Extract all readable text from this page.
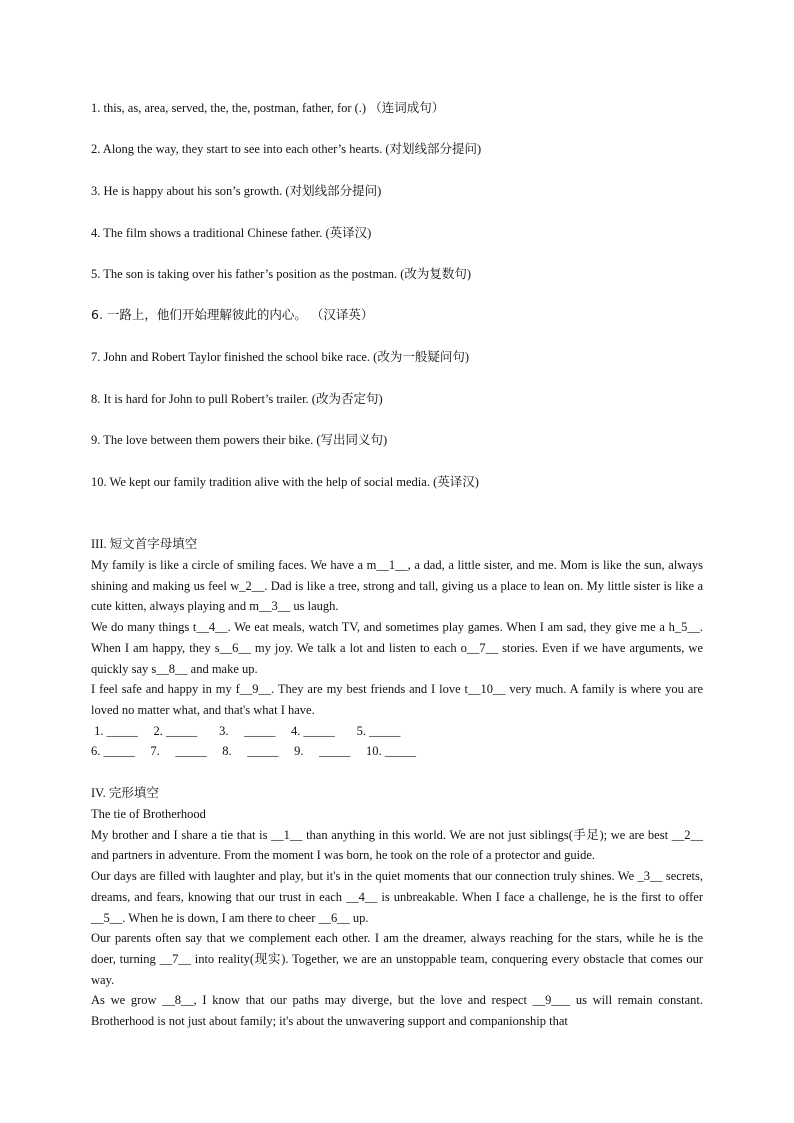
1. this, as, area, served, the, the, postman, father, for (.) （连词成句）
2. Along the way, they start to see into each other’s hearts. (对划线部分提问)
3. He is happy about his son’s growth. (对划线部分提问)
4. The film shows a traditional Chinese father. (英译汉)
5. The son is taking over his father’s position as the postman. (改为复数句)
6. 一路上，他们开始理解彼此的内心。 （汉译英）
7. John and Robert Taylor finished the school bike race. (改为一般疑问句)
8. It is hard for John to pull Robert’s trailer. (改为否定句)
9. The love between them powers their bike. (写出同义句)
10. We kept our family tradition alive with the help of social media. (英译汉)
III. 短文首字母填空

My family is like a circle of smiling faces. We have a m__1__, a dad, a little sister, and me. Mom is like the sun, always shining and making us feel w_2__. Dad is like a tree, strong and tall, giving us a place to lean on. My little sister is like a cute kitten, always playing and m__3__ us laugh.

We do many things t__4__. We eat meals, watch TV, and sometimes play games. When I am sad, they give me a h_5__. When I am happy, they s__6__ my joy. We talk a lot and listen to each o__7__ stories. Even if we have arguments, we quickly say s__8__ and make up.

I feel safe and happy in my f__9__. They are my best friends and I love t__10__ very much. A family is where you are loved no matter what, and that's what I have.

1. _____     2. _____       3.     _____     4. _____       5. _____
6. _____     7.     _____     8.     _____     9.     _____     10. _____
IV. 完形填空
The tie of Brotherhood

My brother and I share a tie that is __1__ than anything in this world. We are not just siblings(手足); we are best __2__ and partners in adventure. From the moment I was born, he took on the role of a protector and guide.

Our days are filled with laughter and play, but it's in the quiet moments that our connection truly shines. We _3__ secrets, dreams, and fears, knowing that our trust in each __4__ is unbreakable. When I face a challenge, he is the first to offer __5__. When he is down, I am there to cheer __6__ up.

Our parents often say that we complement each other. I am the dreamer, always reaching for the stars, while he is the doer, turning __7__ into reality(现实). Together, we are an unstoppable team, conquering every obstacle that comes our way.

As we grow __8__, I know that our paths may diverge, but the love and respect __9___ us will remain constant. Brotherhood is not just about family; it's about the unwavering support and companionship that
